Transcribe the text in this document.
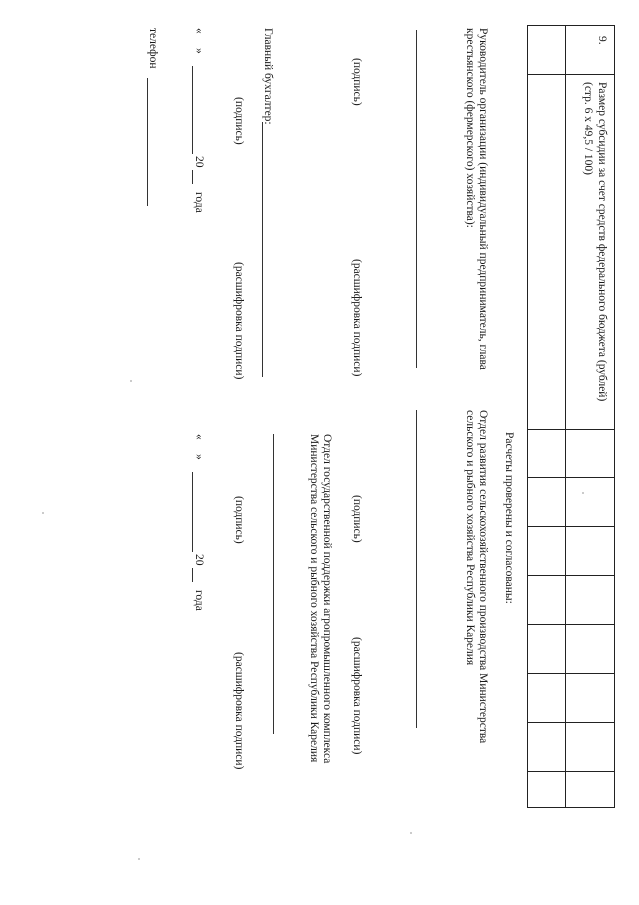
9.
Размер субсидии за счет средств федерального бюджета (рублей)
(стр. 6 х 49,5 / 100)
Руководитель организации (индивидуальный предприниматель, глава
крестьянского (фермерского) хозяйства):
(подпись)
(расшифровка подписи)
Главный бухгалтер:
(подпись)
(расшифровка подписи)
«
»
20
года
телефон
Расчеты проверены и согласованы:
Отдел развития сельскохозяйственного производства Министерства
сельского и рыбного хозяйства Республики Карелия
(подпись)
(расшифровка подписи)
Отдел государственной поддержки агропромышленного комплекса
Министерства сельского и рыбного хозяйства Республики Карелия
(подпись)
(расшифровка подписи)
«
»
20
года
